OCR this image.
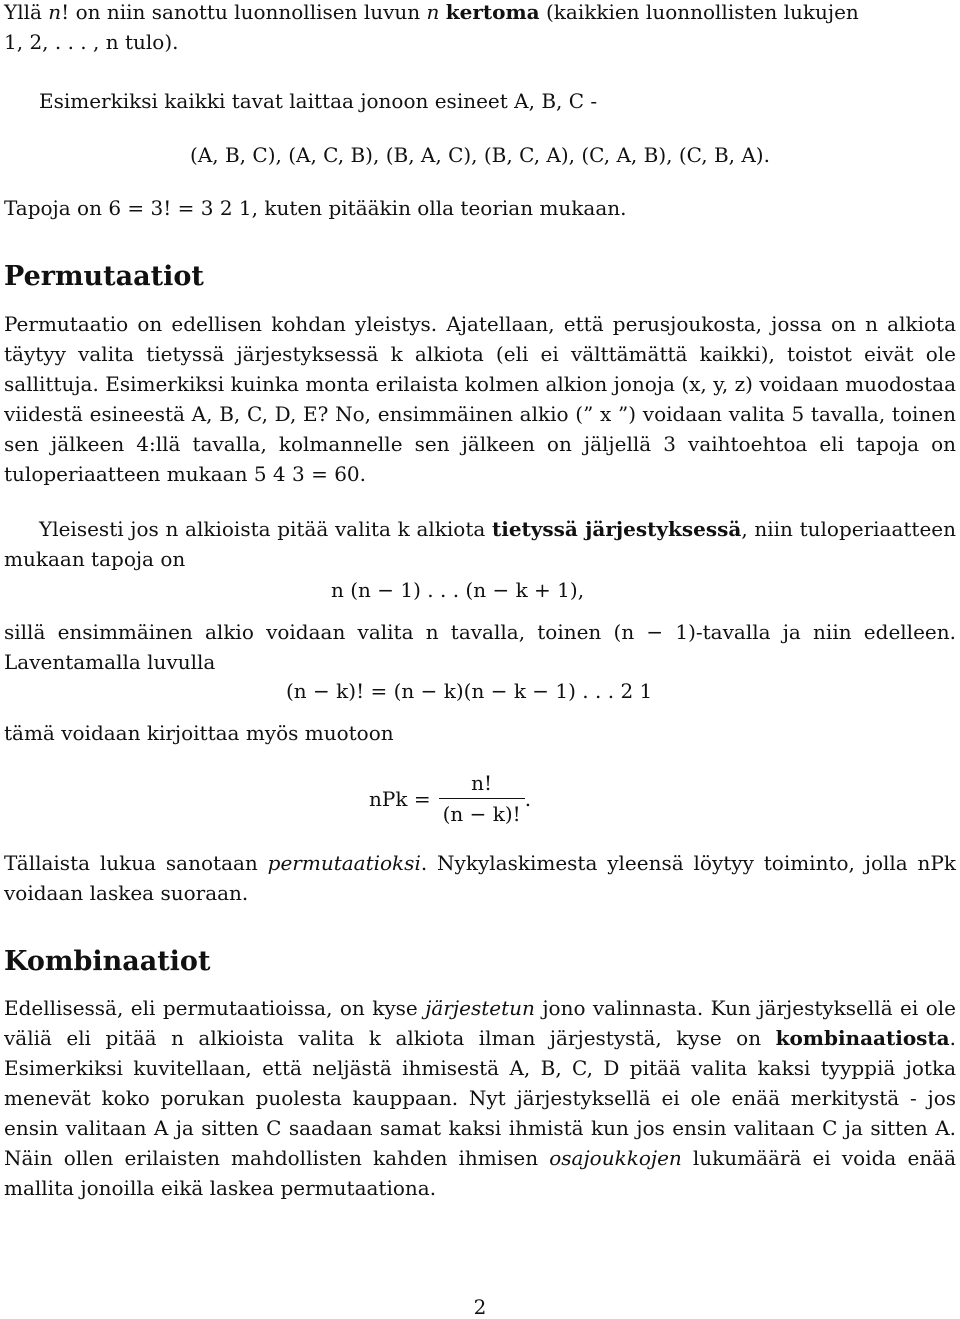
Yllä n! on niin sanottu luonnollisen luvun n kertoma (kaikkien luonnollisten lukujen
1, 2, . . . , n tulo).
Esimerkiksi kaikki tavat laittaa jonoon esineet A, B, C -
(A, B, C), (A, C, B), (B, A, C), (B, C, A), (C, A, B), (C, B, A).
Tapoja on 6 = 3! = 3 2 1, kuten pitääkin olla teorian mukaan.
Permutaatiot

Permutaatio on edellisen kohdan yleistys. Ajatellaan, että perusjoukosta, jossa on n alkiota täytyy valita tietyssä järjestyksessä k alkiota (eli ei välttämättä kaikki), toistot eivät ole sallittuja. Esimerkiksi kuinka monta erilaista kolmen alkion jonoja (x, y, z) voidaan muodostaa viidestä esineestä A, B, C, D, E? No, ensimmäinen alkio (” x ”) voidaan valita 5 tavalla, toinen sen jälkeen 4:llä tavalla, kolmannelle sen jälkeen on jäljellä 3 vaihtoehtoa eli tapoja on tuloperiaatteen mukaan 5 4 3 = 60.

Yleisesti jos n alkioista pitää valita k alkiota tietyssä järjestyksessä, niin tuloperiaatteen mukaan tapoja on

n (n − 1) . . . (n − k + 1),

sillä ensimmäinen alkio voidaan valita n tavalla, toinen (n − 1)-tavalla ja niin edelleen. Laventamalla luvulla

(n − k)! = (n − k)(n − k − 1) . . . 2 1
tämä voidaan kirjoittaa myös muotoon
nPk = $\frac{n!}{(n - k)!}$ .

Tällaista lukua sanotaan permutaatioksi. Nykylaskimesta yleensä löytyy toiminto, jolla nPk voidaan laskea suoraan.

Kombinaatiot

Edellisessä, eli permutaatioissa, on kyse järjestetun jono valinnasta. Kun järjestyksellä ei ole väliä eli pitää n alkioista valita k alkiota ilman järjestystä, kyse on kombinaatiosta. Esimerkiksi kuvitellaan, että neljästä ihmisestä A, B, C, D pitää valita kaksi tyyppiä jotka menevät koko porukan puolesta kauppaan. Nyt järjestyksellä ei ole enää merkitystä - jos ensin valitaan A ja sitten C saadaan samat kaksi ihmistä kun jos ensin valitaan C ja sitten A. Näin ollen erilaisten mahdollisten kahden ihmisen osajoukkojen lukumäärä ei voida enää mallita jonoilla eikä laskea permutaationa.

2
